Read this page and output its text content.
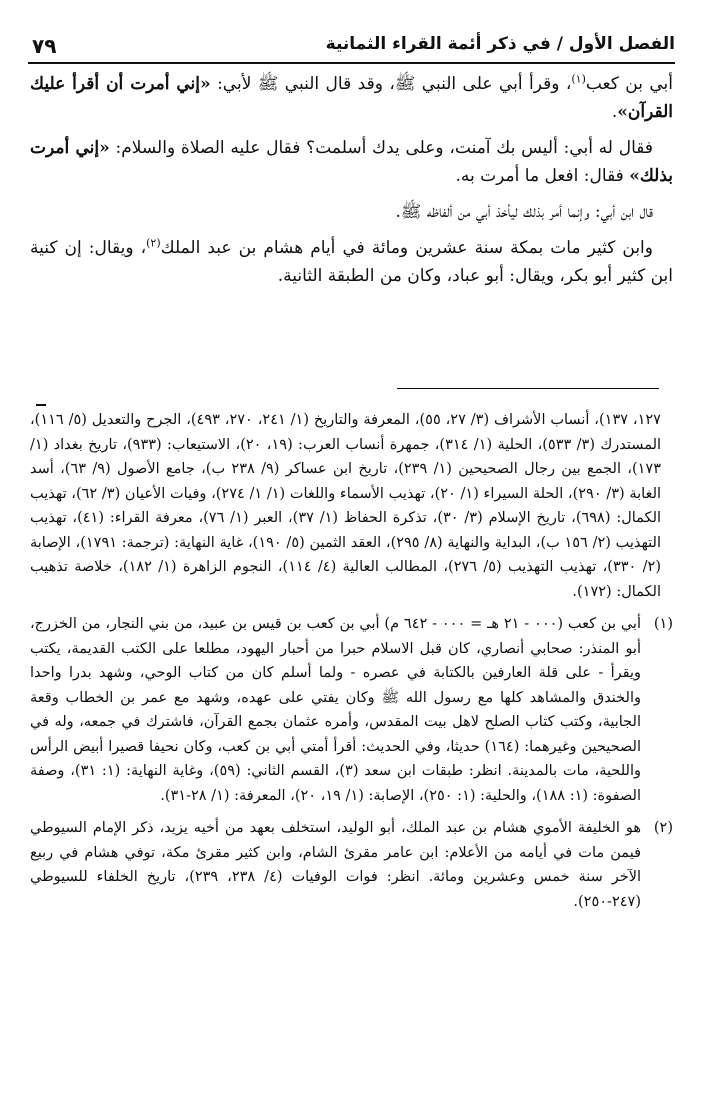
٧٩	الفصل الأول / في ذكر أئمة القراء الثمانية

أبي بن كعب$^{(١)}$، وقرأ أبي على النبي ﷺ، وقد قال النبي ﷺ لأبي: «إني أمرت أن أقرأ عليك القرآن».

فقال له أبي: أليس بك آمنت، وعلى يدك أسلمت؟ فقال عليه الصلاة والسلام: «إني أمرت بذلك» فقال: افعل ما أمرت به.

قال ابن أبي: وإنما أمر بذلك ليأخذ أبي من ألفاظه ﷺ.

وابن كثير مات بمكة سنة عشرين ومائة في أيام هشام بن عبد الملك$^{(٢)}$، ويقال: إن كنية ابن كثير أبو بكر، ويقال: أبو عباد، وكان من الطبقة الثانية.

١٢٧، ١٣٧)، أنساب الأشراف (٣/ ٢٧، ٥٥)، المعرفة والتاريخ (١/ ٢٤١، ٢٧٠، ٤٩٣)، الجرح والتعديل (٥/ ١١٦)، المستدرك (٣/ ٥٣٣)، الحلية (١/ ٣١٤)، جمهرة أنساب العرب: (١٩، ٢٠)، الاستيعاب: (٩٣٣)، تاريخ بغداد (١/ ١٧٣)، الجمع بين رجال الصحيحين (١/ ٢٣٩)، تاريخ ابن عساكر (٩/ ٢٣٨ ب)، جامع الأصول (٩/ ٦٣)، أسد الغابة (٣/ ٢٩٠)، الحلة السيراء (١/ ٢٠)، تهذيب الأسماء واللغات (١/ ١/ ٢٧٤)، وفيات الأعيان (٣/ ٦٢)، تهذيب الكمال: (٦٩٨)، تاريخ الإسلام (٣/ ٣٠)، تذكرة الحفاظ (١/ ٣٧)، العبر (١/ ٧٦)، معرفة القراء: (٤١)، تهذيب التهذيب (٢/ ١٥٦ ب)، البداية والنهاية (٨/ ٢٩٥)، العقد الثمين (٥/ ١٩٠)، غاية النهاية: (ترجمة: ١٧٩١)، الإصابة (٢/ ٣٣٠)، تهذيب التهذيب (٥/ ٢٧٦)، المطالب العالية (٤/ ١١٤)، النجوم الزاهرة (١/ ١٨٢)، خلاصة تذهيب الكمال: (١٧٢).

(١)
أبي بن كعب (٠٠٠ - ٢١ هـ = ٠٠٠ - ٦٤٢ م) أبي بن كعب بن قيس بن عبيد، من بني النجار، من الخزرج، أبو المنذر: صحابي أنصاري، كان قبل الاسلام حبرا من أحبار اليهود، مطلعا على الكتب القديمة، يكتب ويقرأ - على قلة العارفين بالكتابة في عصره - ولما أسلم كان من كتاب الوحي، وشهد بدرا واحدا والخندق والمشاهد كلها مع رسول الله ﷺ وكان يفتي على عهده، وشهد مع عمر بن الخطاب وقعة الجابية، وكتب كتاب الصلح لاهل بيت المقدس، وأمره عثمان بجمع القرآن، فاشترك في جمعه، وله في الصحيحين وغيرهما: (١٦٤) حديثا، وفي الحديث: أقرأ أمتي أبي بن كعب، وكان نحيفا قصيرا أبيض الرأس واللحية، مات بالمدينة. انظر: طبقات ابن سعد (٣)، القسم الثاني: (٥٩)، وغاية النهاية: (١: ٣١)، وصفة الصفوة: (١: ١٨٨)، والحلية: (١: ٢٥٠)، الإصابة: (١/ ١٩، ٢٠)، المعرفة: (١/ ٢٨-٣١).

(٢)
هو الخليفة الأموي هشام بن عبد الملك، أبو الوليد، استخلف بعهد من أخيه يزيد، ذكر الإمام السيوطي فيمن مات في أيامه من الأعلام: ابن عامر مقرئ الشام، وابن كثير مقرئ مكة، توفي هشام في ربيع الآخر سنة خمس وعشرين ومائة. انظر: فوات الوفيات (٤/ ٢٣٨، ٢٣٩)، تاريخ الخلفاء للسيوطي (٢٤٧-٢٥٠).
